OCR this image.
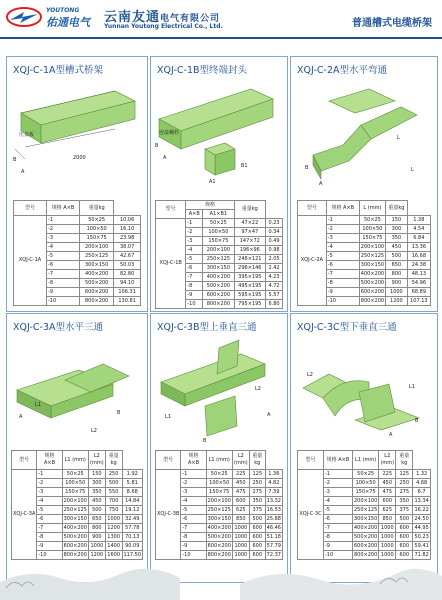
YOUTONG
佑通电气 云南友通电气有限公司
Yunnan Youtong Electrical Co., Ltd.	普通槽式电缆桥架
XQJ-C-1A型槽式桥架
压盖板
2000
A
B
型号	规格 A×B	重量kg	
XQJ-C-1A	-1	50×25	10.06
	-2	100×50	16.10
	-3	150×75	23.98
	-4	200×100	38.07
	-5	250×125	42.67
	-6	300×150	50.03
	-7	400×200	82.80
	-8	500×200	94.10
	-9	600×200	106.31
	-10	800×200	130.81
XQJ-C-1B型终端封头
连接螺栓
A1
B1
A
B
型号	规格		重量kg	
	A×B	A1×B1		
XQJ-C-1B	-1	50×25	47×22	0.23
	-2	100×50	97×47	0.34
	-3	150×75	147×72	0.49
	-4	200×100	196×96	0.98
	-5	250×125	246×121	2.05
	-6	300×150	296×146	2.42
	-7	400×200	395×195	4.23
	-8	500×200	495×195	4.72
	-9	600×200	595×195	5.57
	-10	800×200	795×195	6.80
XQJ-C-2A型水平弯通
L
L
A
B
型号	规格 A×B	L (mm)	重量kg	
XQJ-C-2A	-1	50×25	150	1.38
	-2	100×50	300	4.54
	-3	150×75	350	6.84
	-4	200×100	450	13.36
	-5	250×125	500	16.68
	-6	300×150	650	24.38
	-7	400×200	800	48.13
	-8	500×200	900	54.96
	-9	600×200	1000	68.89
	-10	800×200	1200	107.13
XQJ-C-3A型水平三通
L1
L2
A
B
型号	规格 A×B	L1 (mm)	L2 (mm)	重量 kg	
XQJ-C-3A	-1	50×25	150	250	1.92
	-2	100×50	300	500	5.81
	-3	150×75	350	550	8.68
	-4	200×100	450	700	14.84
	-5	250×125	500	750	19.12
	-6	300×150	650	1000	32.49
	-7	400×200	800	1200	57.78
	-8	500×200	900	1300	70.13
	-9	600×200	1000	1400	90.09
	-10	800×200	1200	1600	117.50
XQJ-C-3B型上垂直三通
L1
L2
A
B
型号	规格 A×B	L1 (mm)	L2 (mm)	重量 kg	
XQJ-C-3B	-1	50×25	225	125	1.36
	-2	100×50	450	250	4.82
	-3	150×75	475	275	7.39
	-4	200×100	600	350	13.32
	-5	250×125	625	375	16.53
	-6	300×150	850	500	25.88
	-7	400×200	1000	600	46.46
	-8	500×200	1000	600	51.18
	-9	600×200	1000	600	57.79
	-10	800×200	1000	600	72.37
XQJ-C-3C型下垂直三通
L1
L2
A
B
型号	规格 A×B	L1 (mm)	L2 (mm)	重量 kg	
XQJ-C-3C	-1	50×25	225	125	1.32
	-2	100×50	450	250	4.68
	-3	150×75	475	275	6.7
	-4	200×100	600	350	13.34
	-5	250×125	625	375	16.22
	-6	300×150	850	500	24.50
	-7	400×200	1000	600	44.95
	-8	500×200	1000	600	50.23
	-9	600×200	1000	600	59.41
	-10	800×200	1000	600	71.82
